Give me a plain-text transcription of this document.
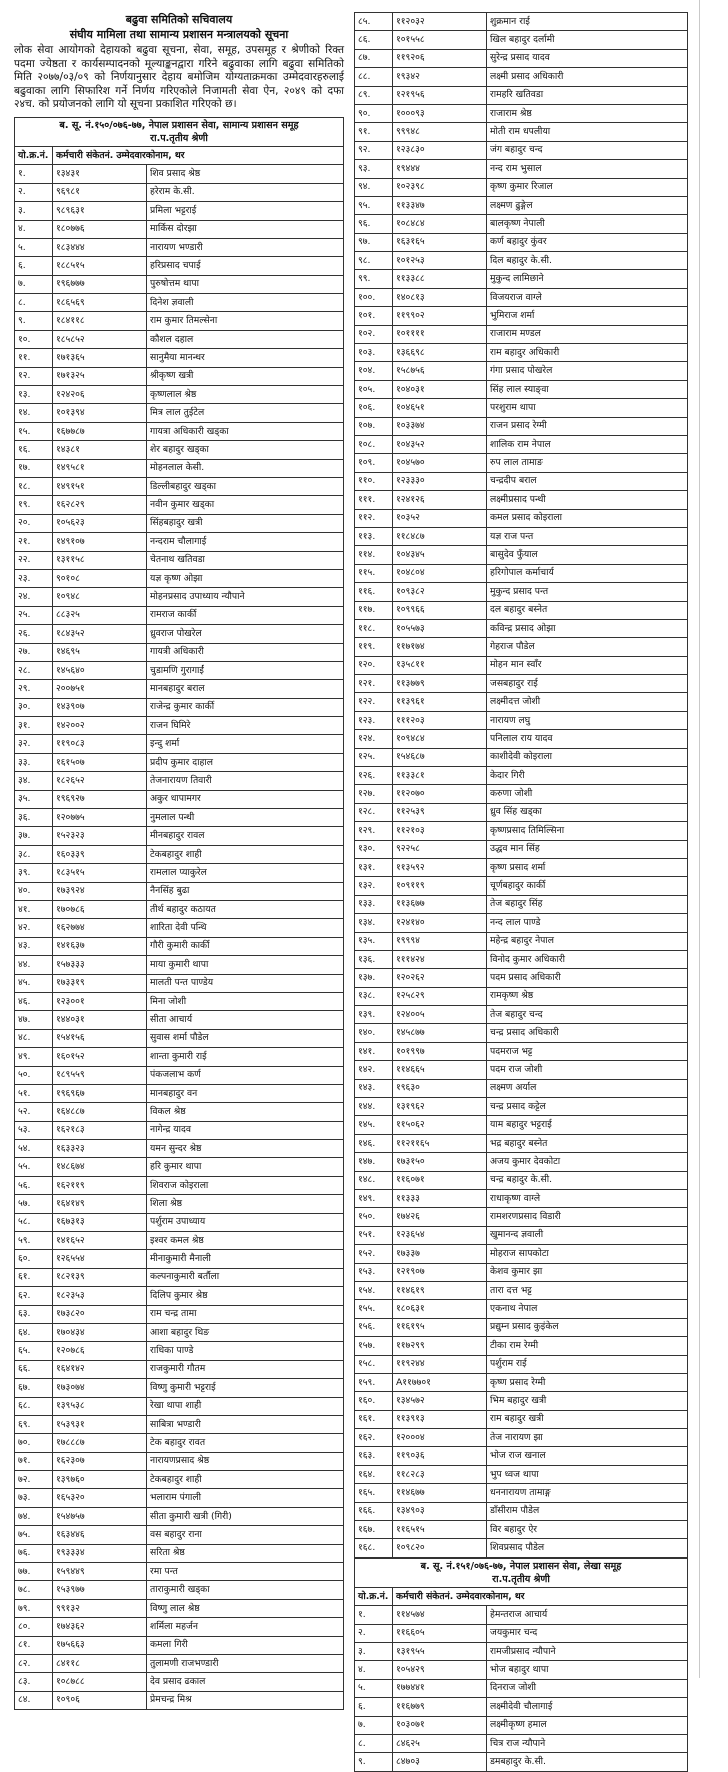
बढुवा समितिको सचिवालय
संघीय मामिला तथा सामान्य प्रशासन मन्त्रालयको सूचना
लोक सेवा आयोगको देहायको बढुवा सूचना, सेवा, समूह, उपसमूह र श्रेणीको रिक्त पदमा ज्येष्ठता र कार्यसम्पादनको मूल्याङ्कनद्वारा गरिने बढुवाका लागि बढुवा समितिको मिति २०७७/०३/०९ को निर्णयानुसार देहाय बमोजिम योग्यताक्रमका उम्मेदवारहरुलाई बढुवाका लागि सिफारिश गर्ने निर्णय गरिएकोले निजामती सेवा ऐन, २०४९ को दफा २४च. को प्रयोजनको लागि यो सूचना प्रकाशित गरिएको छ।
ब. सू. नं.१५०/०७६-७७, नेपाल प्रशासन सेवा, सामान्य प्रशासन समूह
रा.प.तृतीय श्रेणी
यो.क्र.नं.	कर्मचारी संकेतनं. उम्मेदवारकोनाम, थर	
१.	१३४३१	शिव प्रसाद श्रेष्ठ
२.	९६९८१	हरेराम के.सी.
३.	९८९६३१	प्रमिला भट्टराई
४.	१८०७७६	मार्किस दोरझा
५.	१८३४४४	नारायण भण्डारी
६.	१८८५१५	हरिप्रसाद चपाई
७.	१९६७७७	पुरुषोत्तम थापा
८.	१८६५६९	दिनेश ज्ञवाली
९.	१८४११८	राम कुमार तिमल्सेना
१०.	१८५८५२	कौशल दहाल
११.	१७१३६५	सानुमैया मानन्धर
१२.	१७१३२५	श्रीकृष्ण खत्री
१३.	१२४२०६	कृष्णलाल श्रेष्ठ
१४.	१०१३९४	मित्र लाल तुईटेल
१५.	१६७७८७	गायत्रा अधिकारी खड्का
१६.	१४३८१	शेर बहादुर खड्का
१७.	१४९५८१	मोहनलाल केसी.
१८.	१४९१५१	डिल्लीबहादुर खड्का
१९.	१६२८२९	नवीन कुमार खड्का
२०.	१०५६२३	सिंहबहादुर खत्री
२१.	१४९१०७	नन्दराम चौलागाई
२२.	१३११५८	चेतनाथ खतिवडा
२३.	९०१०८	यज्ञ कृष्ण ओझा
२४.	१०९४८	मोहनप्रसाद उपाध्याय न्यौपाने
२५.	८८३२५	रामराज कार्की
२६.	१८४३५२	ध्रुवराज पोखरेल
२७.	१४६९५	गायत्री अधिकारी
२८.	१४५६४०	चुडामणि गुरागाईं
२९.	२००७५१	मानबहादुर बराल
३०.	१४३९०७	राजेन्द्र कुमार कार्की
३१.	१४२००२	राजन घिमिरे
३२.	११९०८३	इन्दु शर्मा
३३.	१६१५०७	प्रदीप कुमार दाहाल
३४.	१८२६५२	तेजनारायण तिवारी
३५.	१९६९२७	अकुर धापामगर
३६.	१२०७७५	नुमलाल पन्थी
३७.	१५२३२३	मीनबहादुर रावल
३८.	१६०३३९	टेकबहादुर शाही
३९.	१८३५१५	रामलाल प्याकुरेल
४०.	१७३९२४	नैनसिंह बुढा
४१.	१७०७८६	तीर्थ बहादुर कठायत
४२.	१६२७७४	शारिता देवी पन्थि
४३.	१४१६३७	गौरी कुमारी कार्की
४४.	१५७३३३	माया कुमारी थापा
४५.	१७३३१९	मालती पन्त पाण्डेय
४६.	१२३००१	मिना जोशी
४७.	१४४०३१	सीता आचार्य
४८.	१५४१५६	सुवास शर्मा पौडेल
४९.	१६०१५२	शान्ता कुमारी राई
५०.	१८९५५९	पंकजलाभ कर्ण
५१.	१९६९६७	मानबहादुर वन
५२.	१६४८८७	विकल श्रेष्ठ
५३.	१६२१८३	नागेन्द्र यादव
५४.	१६३३२३	यमन सुन्दर श्रेष्ठ
५५.	१४८६७४	हरि कुमार थापा
५६.	१६२११९	शिवराज कोइराला
५७.	१६४१४९	शिला श्रेष्ठ
५८.	१६७३१३	पर्शुराम उपाध्याय
५९.	१४१६५२	इश्वर कमल श्रेष्ठ
६०.	१२६५५४	मीनाकुमारी मैनाली
६१.	१८२१३९	कल्पनाकुमारी बर्तौला
६२.	१८२३५३	दिलिप कुमार श्रेष्ठ
६३.	१७३८२०	राम चन्द्र तामा
६४.	१७०४३४	आशा बहादुर थिङ
६५.	१२०७८६	राधिका पाण्डे
६६.	१६४१४२	राजकुमारी गौतम
६७.	१७३०७४	विष्णु कुमारी भट्टराई
६८.	१३९५३८	रेखा थापा शाही
६९.	१५३९३१	साबित्रा भण्डारी
७०.	१७८८८७	टेक बहादुर रावत
७१.	१६२३०७	नारायणप्रसाद श्रेष्ठ
७२.	१३९७६०	टेकबहादुर शाही
७३.	१६५३२०	भलाराम पंगाली
७४.	१५४७५७	सीता कुमारी खत्री (गिरी)
७५.	१६३४४६	वस बहादुर राना
७६.	१९३३३४	सरिता श्रेष्ठ
७७.	१५९४४९	रमा पन्त
७८.	१५३९७७	ताराकुमारी खड्का
७९.	९९१३२	विष्णु लाल श्रेष्ठ
८०.	१७४३६२	शर्मिला महर्जन
८१.	१७५६६३	कमला गिरी
८२.	८४११८	तुलामणी राजभण्डारी
८३.	१०८७८८	देव प्रसाद ढकाल
८४.	१०९०६	प्रेमचन्द्र मिश्र
८५.	११२०३२	शुक्रमान राई
८६.	१०१५५८	खिल बहादुर दर्लामी
८७.	११९२०६	सुरेन्द्र प्रसाद यादव
८८.	१९३४२	लक्ष्मी प्रसाद अधिकारी
८९.	१२१९५६	रामहरि खतिवडा
९०.	१०००९३	राजाराम श्रेष्ठ
९१.	९९९४८	मोती राम धपलीया
९२.	१२३८३०	जंग बहादुर चन्द
९३.	१९४४४	नन्द राम भुसाल
९४.	१०२३९८	कृष्ण कुमार रिजाल
९५.	११३३४७	लक्ष्मण ढुङ्गेल
९६.	१०८४८४	बालकृष्ण नेपाली
९७.	१६३१६५	कर्ण बहादुर कुंवर
९८.	१०१२५३	दिल बहादुर के.सी.
९९.	११३३८८	मुकुन्द लामिछाने
१००.	१४०८१३	विजयराज वाग्ले
१०१.	११९९०२	भुमिराज शर्मा
१०२.	१०११११	राजाराम मण्डल
१०३.	१३६६९८	राम बहादुर अधिकारी
१०४.	१५८७५६	गंगा प्रसाद पोखरेल
१०५.	१०४०३१	सिंह लाल स्याङ्वा
१०६.	१०४६५१	परशुराम थापा
१०७.	१०३३७४	राजन प्रसाद रेग्मी
१०८.	१०४३५२	शालिक राम नेपाल
१०९.	१०४५७०	रुप लाल तामाङ
११०.	१२३३३०	चन्द्रदीप बराल
१११.	१२४१२६	लक्ष्मीप्रसाद पन्थी
११२.	१०३५२	कमल प्रसाद कोइराला
११३.	११८४८७	यज्ञ राज पन्त
११४.	१०४३४५	बासुदेव फुँयाल
११५.	१०४८०४	हरिगोपाल कर्माचार्य
११६.	१०९३८२	मुकुन्द प्रसाद पन्त
११७.	१०९९६६	दल बहादुर बस्नेत
११८.	१०५५७३	कविन्द्र प्रसाद ओझा
११९.	११७१७४	गेहराज पौडेल
१२०.	१३५८११	मोहन मान स्वाँर
१२१.	११३७७९	जसबहादुर राई
१२२.	११३९६१	लक्ष्मीदत्त जोशी
१२३.	१११२०३	नारायण लघु
१२४.	१०९४८४	पनिलाल राय यादव
१२५.	१५४६८७	काशीदेवी कोइराला
१२६.	११३३८१	केदार गिरी
१२७.	११२०७०	करुणा जोशी
१२८.	११२५३९	ध्रुव सिंह खड्का
१२९.	११२१०३	कृष्णप्रसाद तिमिल्सिना
१३०.	९२२५८	उद्धव मान सिंह
१३१.	११३५९२	कृष्ण प्रसाद शर्मा
१३२.	१०९११९	चूर्णबहादुर कार्की
१३३.	११३६७७	तेज बहादुर सिंह
१३४.	१२४१४०	नन्द लाल पाण्डे
१३५.	१९९९४	महेन्द्र बहादुर नेपाल
१३६.	१११४२४	विनोद कुमार अधिकारी
१३७.	१२०२६२	पदम प्रसाद अधिकारी
१३८.	१२५८२९	रामकृष्ण श्रेष्ठ
१३९.	१२४००५	तेज बहादुर चन्द
१४०.	१४५८७७	चन्द्र प्रसाद अधिकारी
१४१.	१०१९९७	पदमराज भट्ट
१४२.	११४६६५	पदम राज जोशी
१४३.	१९६३०	लक्ष्मण अर्याल
१४४.	१३१९६२	चन्द्र प्रसाद कट्टेल
१४५.	११५०६२	याम बहादुर भट्टराई
१४६.	११२११६५	भद्र बहादुर बस्नेत
१४७.	१७३१५०	अजय कुमार देवकोटा
१४८.	११६०७१	चन्द्र बहादुर के.सी.
१४९.	११३३३	राधाकृष्ण वाग्ले
१५०.	१७४२६	रामशरणप्रसाद विडारी
१५१.	१२३६५४	खुमानन्द ज्ञवाली
१५२.	१७३३७	मोहराज सापकोटा
१५३.	१२१९०७	केशव कुमार झा
१५४.	११४६१९	तारा दत्त भट्ट
१५५.	१८०६३१	एकनाथ नेपाल
१५६.	११६१९५	प्रद्युम्न प्रसाद कुइंकेल
१५७.	११७२९९	टीका राम रेग्मी
१५८.	११९२४४	पर्शुराम राई
१५९.	A११७७०१	कृष्ण प्रसाद रेग्मी
१६०.	१३४५७२	भिम बहादुर खत्री
१६१.	११३९१३	राम बहादुर खत्री
१६२.	१२०००४	तेज नारायण झा
१६३.	११९०३६	भोज राज खनाल
१६४.	११८२८३	भुप ध्वज थापा
१६५.	११४६७७	धननारायण तामाङ्ग
१६६.	१३४९०३	डाँसीराम पौडेल
१६७.	११६५१५	विर बहादुर ऐर
१६८.	१०९८२०	शिवप्रसाद पौडेल
ब. सू. नं.१५१/०७६-७७, नेपाल प्रशासन सेवा, लेखा समूह
रा.प.तृतीय श्रेणी
यो.क्र.नं.	कर्मचारी संकेतनं. उम्मेदवारकोनाम, थर	
१.	११४५७४	हेमन्तराज आचार्य
२.	११६६०५	जयकुमार चन्द
३.	१३१९५५	रामजीप्रसाद न्यौपाने
४.	१०५४२९	भोज बहादुर थापा
५.	१७७४४१	दिनराज जोशी
६.	११६७७९	लक्ष्मीदेवी चौलागाई
७.	१०३०७१	लक्ष्मीकृष्ण हमाल
८.	८४६२५	चित्र राज न्यौपाने
९.	८४७०३	डमबहादुर के.सी.
